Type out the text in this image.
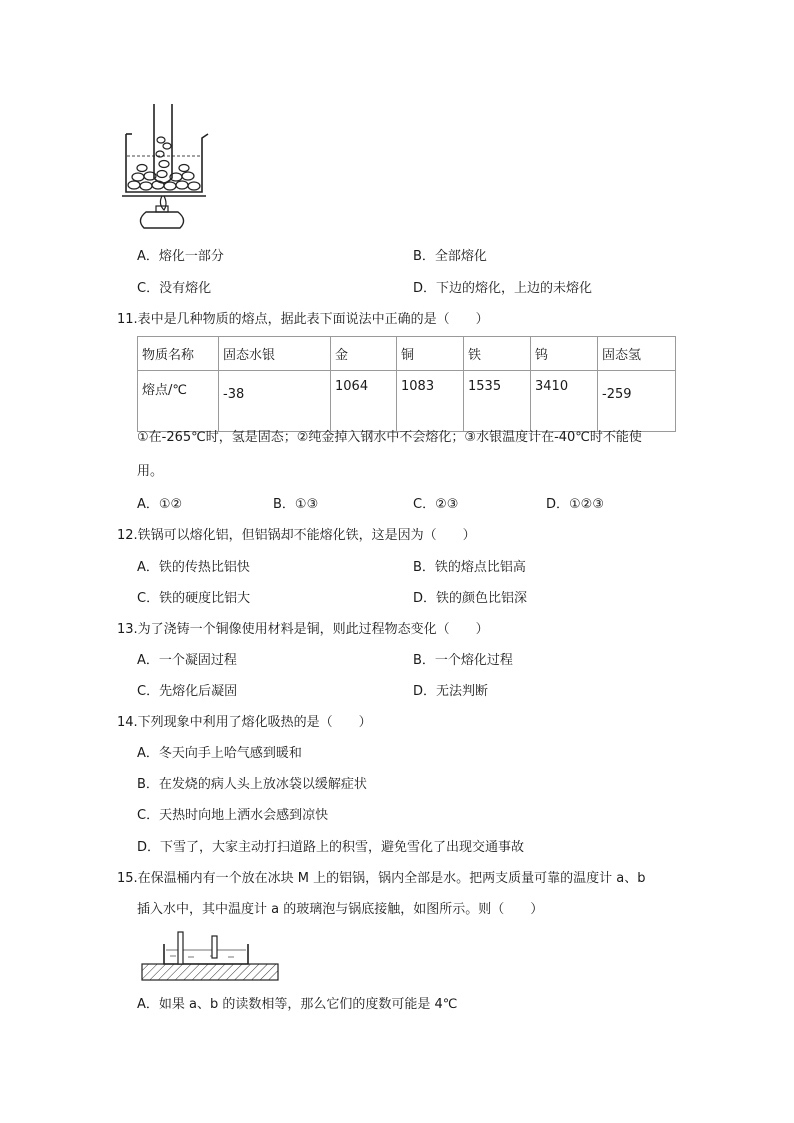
A．熔化一部分	B．全部熔化
C．没有熔化	D．下边的熔化，上边的未熔化
11.表中是几种物质的熔点，据此表下面说法中正确的是（　　）
物质名称	固态水银	金	铜	铁	钨	固态氢
熔点/℃	-38	1064	1083	1535	3410	-259
①在-265℃时，氢是固态；②纯金掉入钢水中不会熔化；③水银温度计在-40℃时不能使
用。
A．①②	B．①③	C．②③	D．①②③
12.铁锅可以熔化铝，但铝锅却不能熔化铁，这是因为（　　）
A．铁的传热比铝快	B．铁的熔点比铝高
C．铁的硬度比铝大	D．铁的颜色比铝深
13.为了浇铸一个铜像使用材料是铜，则此过程物态变化（　　）
A．一个凝固过程	B．一个熔化过程
C．先熔化后凝固	D．无法判断
14.下列现象中利用了熔化吸热的是（　　）
A．冬天向手上哈气感到暖和
B．在发烧的病人头上放冰袋以缓解症状
C．天热时向地上洒水会感到凉快
D．下雪了，大家主动打扫道路上的积雪，避免雪化了出现交通事故
15.在保温桶内有一个放在冰块 M 上的铝锅，锅内全部是水。把两支质量可靠的温度计 a、b
插入水中，其中温度计 a 的玻璃泡与锅底接触，如图所示。则（　　）
A．如果 a、b 的读数相等，那么它们的度数可能是 4℃
